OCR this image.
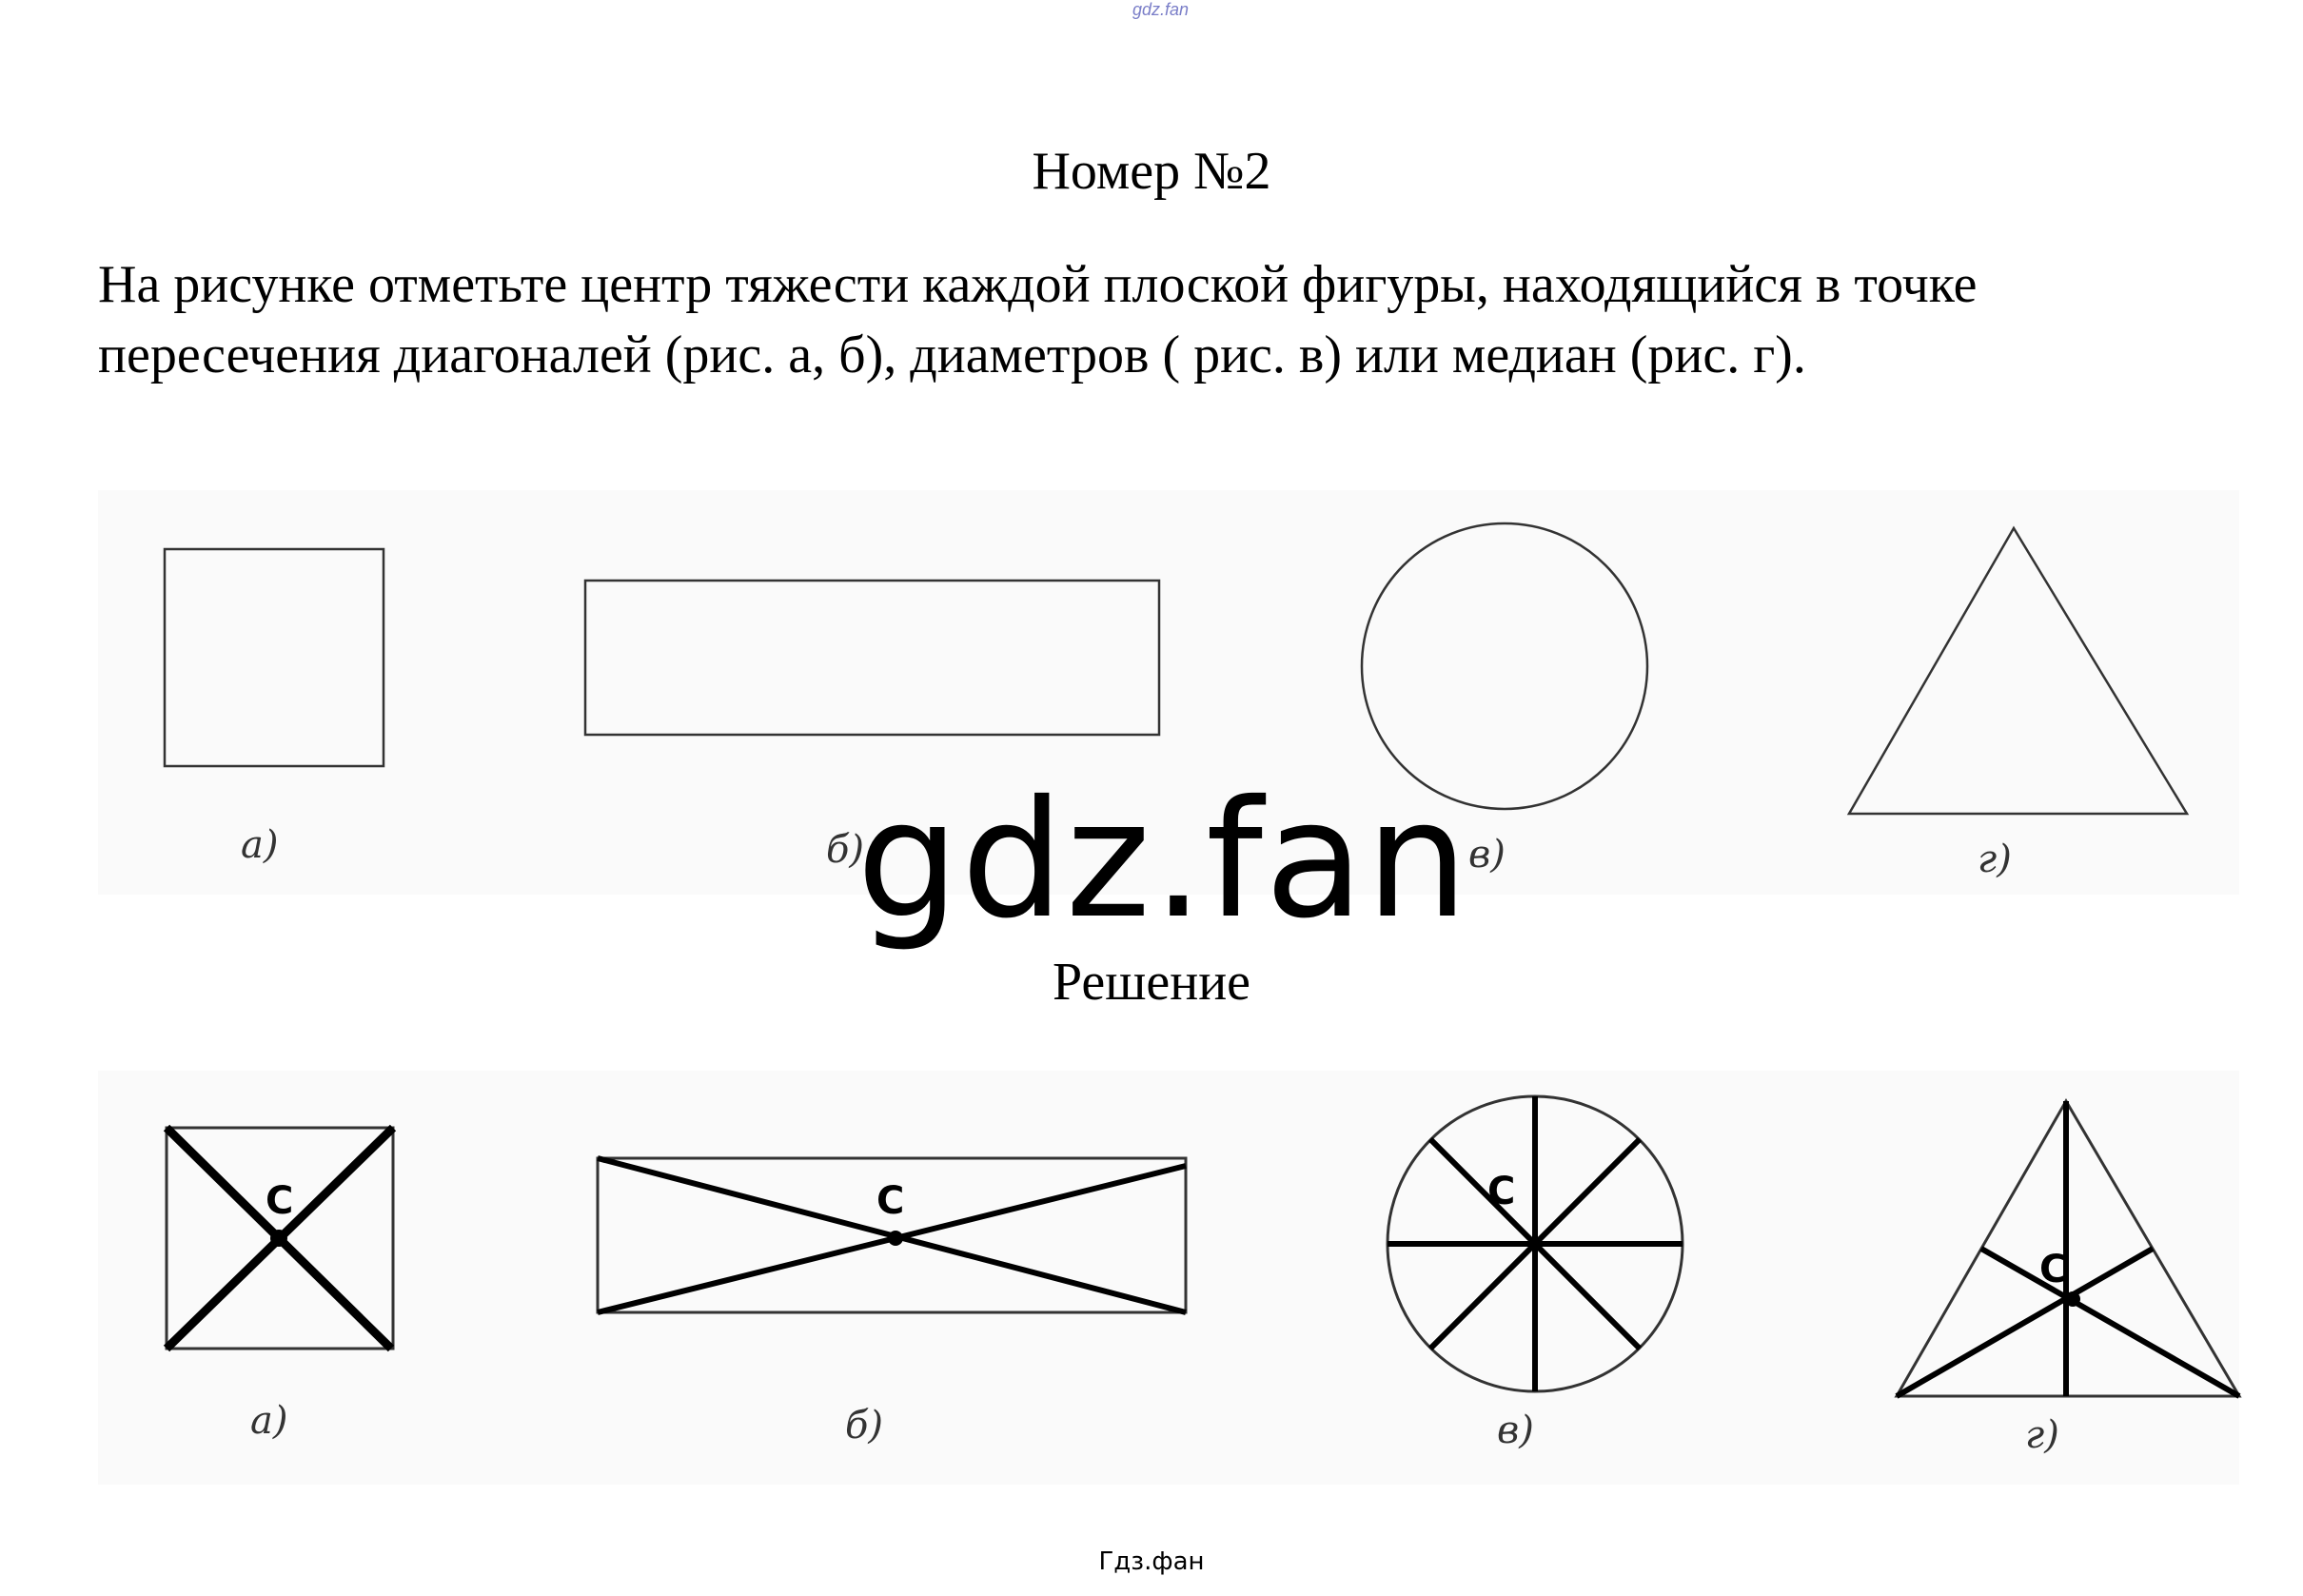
gdz.fan
Номер №2
На рисунке отметьте центр тяжести каждой плоской фигуры, находящийся в точке
пересечения диагоналей (рис. а, б), диаметров ( рис. в) или медиан (рис. г).
а)	б)	в)	г)
gdz.fan
Решение
C	C	C
C
а)	б)	в)	г)
Гдз.фан
